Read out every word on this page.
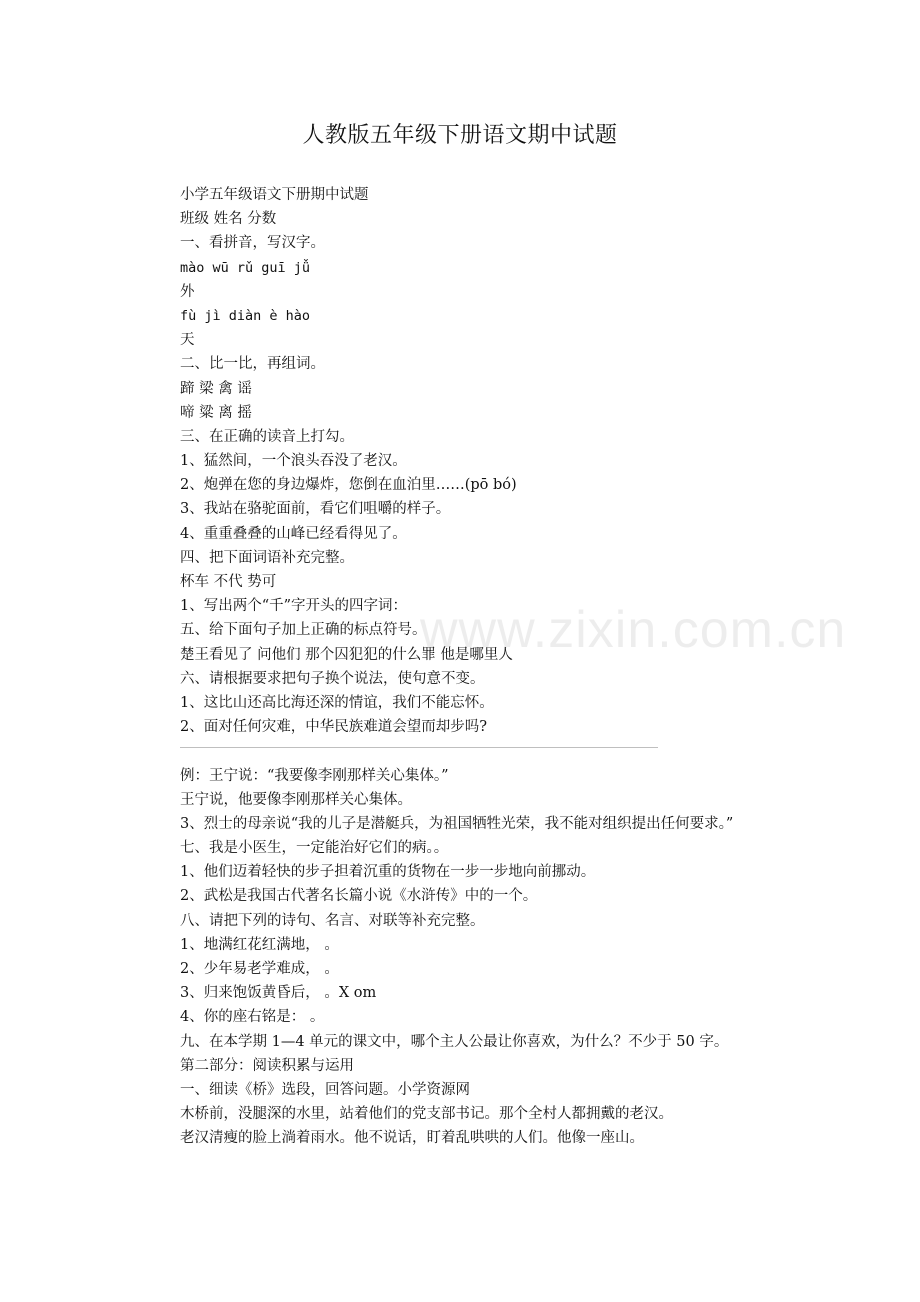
www.zixin.com.cn
人教版五年级下册语文期中试题
小学五年级语文下册期中试题
班级 姓名 分数
一、看拼音，写汉字。
mào wū rǔ guī jǚ
外
fù jì diàn è hào
天
二、比一比，再组词。
蹄 梁 禽 谣
啼 粱 离 摇
三、在正确的读音上打勾。
1、猛然间，一个浪头吞没了老汉。
2、炮弹在您的身边爆炸，您倒在血泊里……(pō bó)
3、我站在骆驼面前，看它们咀嚼的样子。
4、重重叠叠的山峰已经看得见了。
四、把下面词语补充完整。
杯车 不代 势可
1、写出两个“千”字开头的四字词：
五、给下面句子加上正确的标点符号。
楚王看见了 问他们 那个囚犯犯的什么罪 他是哪里人
六、请根据要求把句子换个说法，使句意不变。
1、这比山还高比海还深的情谊，我们不能忘怀。
2、面对任何灾难，中华民族难道会望而却步吗?
例：王宁说：“我要像李刚那样关心集体。”
王宁说，他要像李刚那样关心集体。
3、烈士的母亲说“我的儿子是潜艇兵，为祖国牺牲光荣，我不能对组织提出任何要求。”
七、我是小医生，一定能治好它们的病。。
1、他们迈着轻快的步子担着沉重的货物在一步一步地向前挪动。
2、武松是我国古代著名长篇小说《水浒传》中的一个。
八、请把下列的诗句、名言、对联等补充完整。
1、地满红花红满地， 。
2、少年易老学难成， 。
3、归来饱饭黄昏后， 。X om
4、你的座右铭是： 。
九、在本学期 1—4 单元的课文中，哪个主人公最让你喜欢，为什么？不少于 50 字。
第二部分：阅读积累与运用
一、细读《桥》选段，回答问题。小学资源网
木桥前，没腿深的水里，站着他们的党支部书记。那个全村人都拥戴的老汉。
老汉清瘦的脸上淌着雨水。他不说话，盯着乱哄哄的人们。他像一座山。
